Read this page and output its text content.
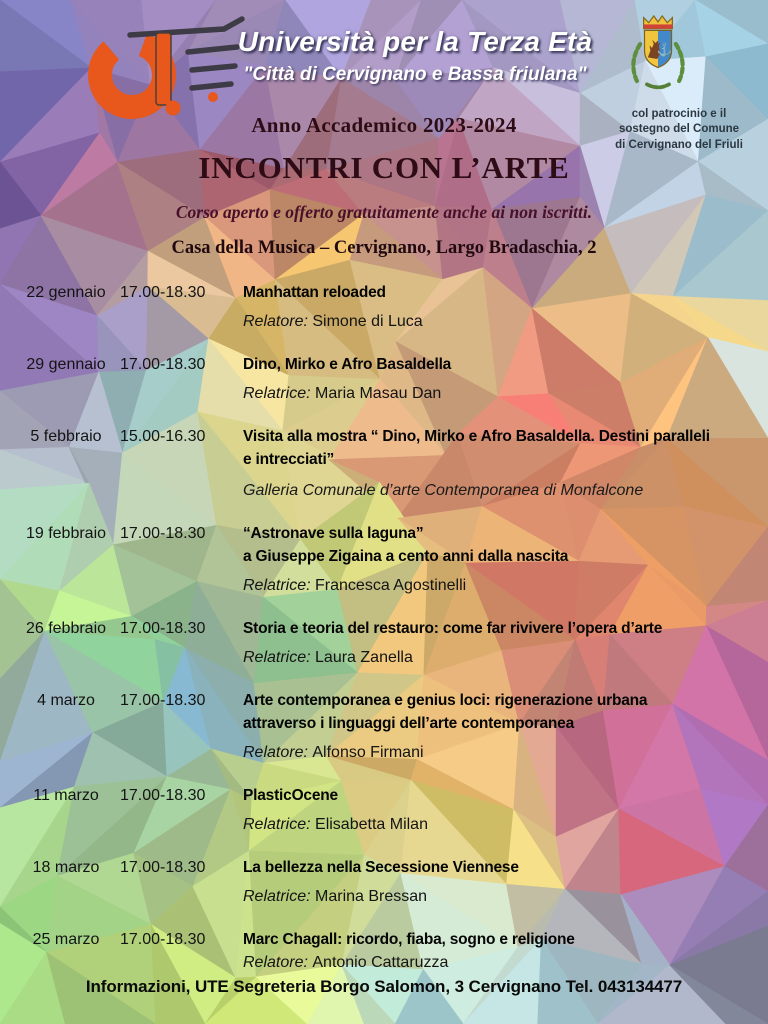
Università per la Terza Età
"Città di Cervignano e Bassa friulana"
⚓
col patrocinio e il
sostegno del Comune
di Cervignano del Friuli
Anno Accademico 2023-2024
INCONTRI CON L’ARTE
Corso aperto e offerto gratuitamente anche ai non iscritti.
Casa della Musica – Cervignano, Largo Bradaschia, 2
22 gennaio 17.00-18.30	Manhattan reloaded
Relatore: Simone di Luca
29 gennaio 17.00-18.30	Dino, Mirko e Afro Basaldella
Relatrice: Maria Masau Dan
5 febbraio	15.00-16.30	Visita alla mostra “ Dino, Mirko e Afro Basaldella. Destini paralleli
e intrecciati”
Galleria Comunale d’arte Contemporanea di Monfalcone
19 febbraio 17.00-18.30	“Astronave sulla laguna”
a Giuseppe Zigaina a cento anni dalla nascita
Relatrice: Francesca Agostinelli
26 febbraio 17.00-18.30	Storia e teoria del restauro: come far rivivere l’opera d’arte
Relatrice: Laura Zanella
4 marzo	17.00-18.30	Arte contemporanea e genius loci: rigenerazione urbana
attraverso i linguaggi dell’arte contemporanea
Relatore: Alfonso Firmani
11 marzo	17.00-18.30	PlasticOcene
Relatrice: Elisabetta Milan
18 marzo	17.00-18.30	La bellezza nella Secessione Viennese
Relatrice: Marina Bressan
25 marzo	17.00-18.30	Marc Chagall: ricordo, fiaba, sogno e religione
Relatore: Antonio Cattaruzza
Informazioni, UTE Segreteria Borgo Salomon, 3 Cervignano Tel. 043134477
